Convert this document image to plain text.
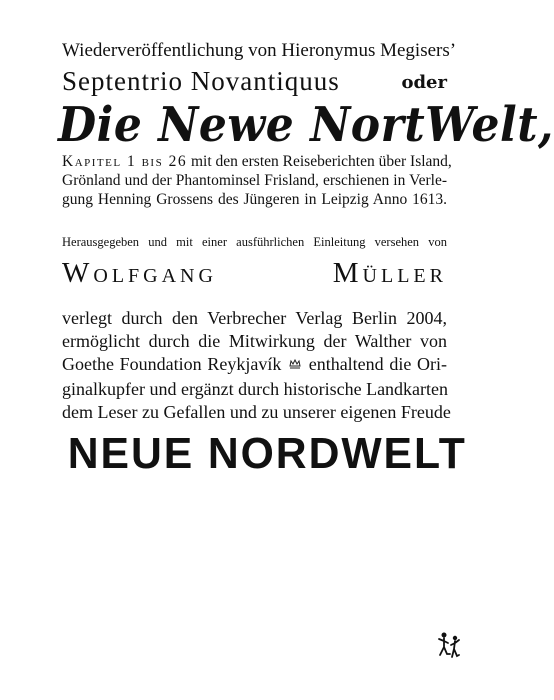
Wiederveröffentlichung von Hieronymus Megisers’
Septentrio Novantiquus	oder
Die Newe NortWelt,
Kapitel 1 bis 26 mit den ersten Reiseberichten über Island,
Grönland und der Phantominsel Frisland, erschienen in Verle-
gung Henning Grossens des Jüngeren in Leipzig Anno 1613.
Herausgegeben und mit einer ausführlichen Einleitung versehen von
Wolfgang Müller
verlegt durch den Verbrecher Verlag Berlin 2004,
ermöglicht durch die Mitwirkung der Walther von
Goethe Foundation Reykjavík enthaltend die Ori-
ginalkupfer und ergänzt durch historische Landkarten
dem Leser zu Gefallen und zu unserer eigenen Freude
NEUE NORDWELT
